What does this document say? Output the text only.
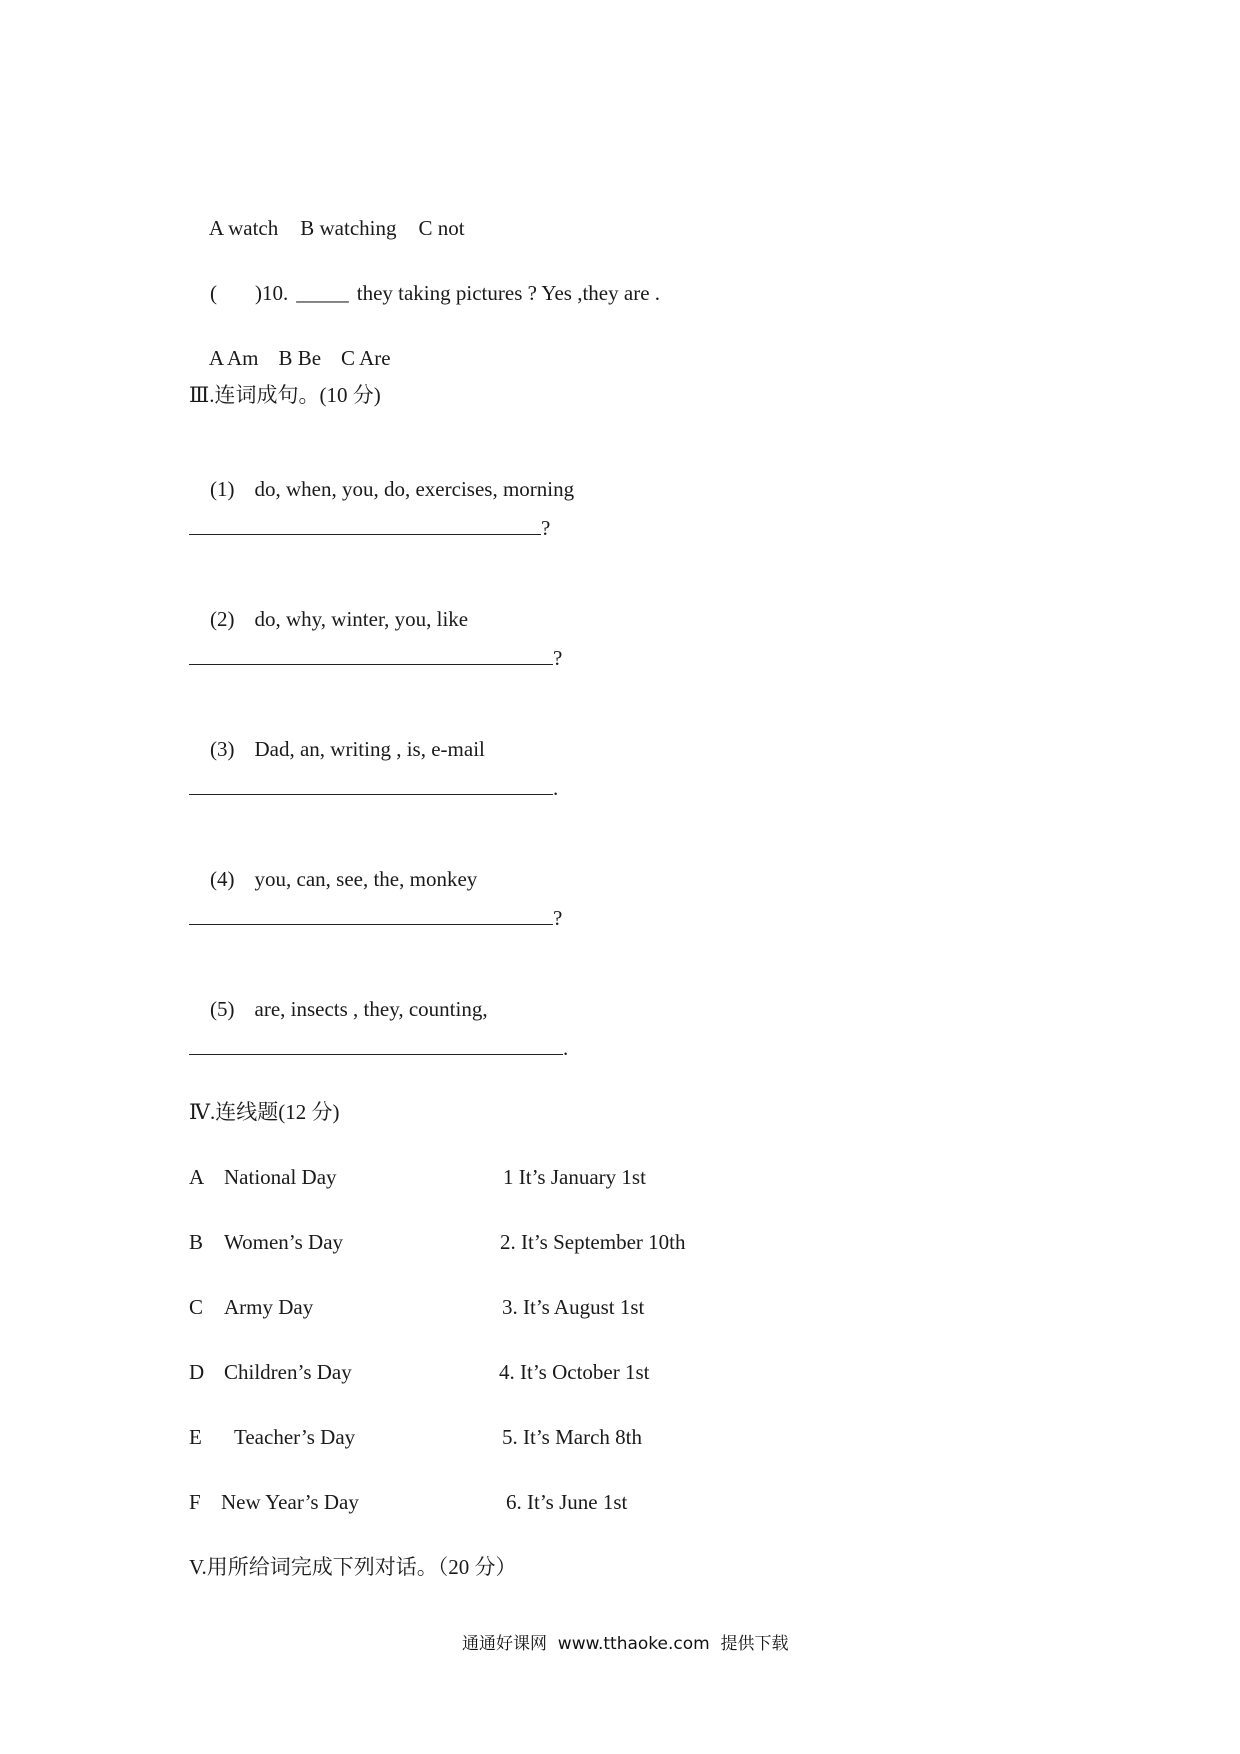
A watch B watching C not

( )10. _____ they taking pictures ? Yes ,they are .

A Am B Be C Are

Ⅲ.连词成句。(10 分)

(1) do, when, you, do, exercises, morning

?

(2) do, why, winter, you, like

?

(3) Dad, an, writing , is, e-mail

.

(4) you, can, see, the, monkey

?

(5) are, insects , they, counting,

.
Ⅳ.连线题(12 分)
A National Day	1 It’s January 1st
B Women’s Day	2. It’s September 10th
C Army Day	3. It’s August 1st
D Children’s Day	4. It’s October 1st
E Teacher’s Day	5. It’s March 8th
F New Year’s Day	6. It’s June 1st
V.用所给词完成下列对话。（20 分）
通通好课网  www.tthaoke.com  提供下载
